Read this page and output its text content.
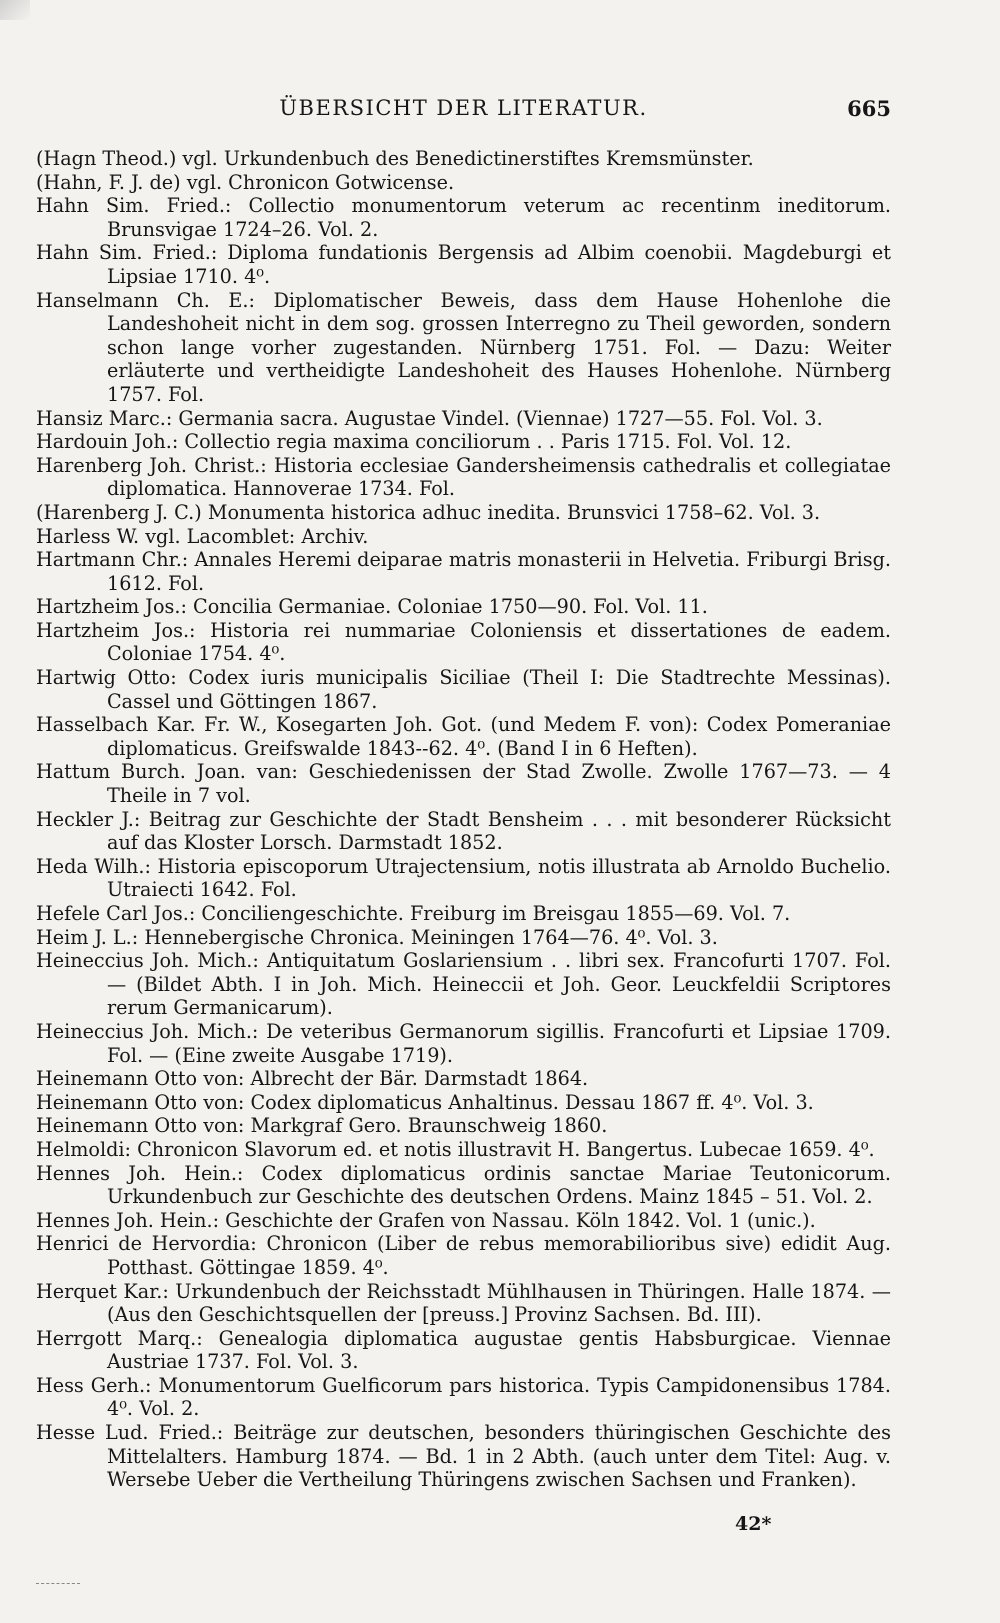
ÜBERSICHT DER LITERATUR.	665
(Hagn Theod.) vgl. Urkundenbuch des Benedictinerstiftes Kremsmünster.
(Hahn, F. J. de) vgl. Chronicon Gotwicense.
Hahn Sim. Fried.: Collectio monumentorum veterum ac recentinm ineditorum. Brunsvigae 1724–26. Vol. 2.
Hahn Sim. Fried.: Diploma fundationis Bergensis ad Albim coenobii. Magdeburgi et Lipsiae 1710. 4⁰.
Hanselmann Ch. E.: Diplomatischer Beweis, dass dem Hause Hohenlohe die Landeshoheit nicht in dem sog. grossen Interregno zu Theil geworden, sondern schon lange vorher zugestanden. Nürnberg 1751. Fol. — Dazu: Weiter erläuterte und vertheidigte Landeshoheit des Hauses Hohenlohe. Nürnberg 1757. Fol.
Hansiz Marc.: Germania sacra. Augustae Vindel. (Viennae) 1727—55. Fol. Vol. 3.
Hardouin Joh.: Collectio regia maxima conciliorum . . Paris 1715. Fol. Vol. 12.
Harenberg Joh. Christ.: Historia ecclesiae Gandersheimensis cathedralis et collegiatae diplomatica. Hannoverae 1734. Fol.
(Harenberg J. C.) Monumenta historica adhuc inedita. Brunsvici 1758–62. Vol. 3.
Harless W. vgl. Lacomblet: Archiv.
Hartmann Chr.: Annales Heremi deiparae matris monasterii in Helvetia. Friburgi Brisg. 1612. Fol.
Hartzheim Jos.: Concilia Germaniae. Coloniae 1750—90. Fol. Vol. 11.
Hartzheim Jos.: Historia rei nummariae Coloniensis et dissertationes de eadem. Coloniae 1754. 4⁰.
Hartwig Otto: Codex iuris municipalis Siciliae (Theil I: Die Stadtrechte Messinas). Cassel und Göttingen 1867.
Hasselbach Kar. Fr. W., Kosegarten Joh. Got. (und Medem F. von): Codex Pomeraniae diplomaticus. Greifswalde 1843--62. 4⁰. (Band I in 6 Heften).
Hattum Burch. Joan. van: Geschiedenissen der Stad Zwolle. Zwolle 1767—73. — 4 Theile in 7 vol.
Heckler J.: Beitrag zur Geschichte der Stadt Bensheim . . . mit besonderer Rücksicht auf das Kloster Lorsch. Darmstadt 1852.
Heda Wilh.: Historia episcoporum Utrajectensium, notis illustrata ab Arnoldo Buchelio. Utraiecti 1642. Fol.
Hefele Carl Jos.: Conciliengeschichte. Freiburg im Breisgau 1855—69. Vol. 7.
Heim J. L.: Hennebergische Chronica. Meiningen 1764—76. 4⁰. Vol. 3.
Heineccius Joh. Mich.: Antiquitatum Goslariensium . . libri sex. Francofurti 1707. Fol. — (Bildet Abth. I in Joh. Mich. Heineccii et Joh. Geor. Leuckfeldii Scriptores rerum Germanicarum).
Heineccius Joh. Mich.: De veteribus Germanorum sigillis. Francofurti et Lipsiae 1709. Fol. — (Eine zweite Ausgabe 1719).
Heinemann Otto von: Albrecht der Bär. Darmstadt 1864.
Heinemann Otto von: Codex diplomaticus Anhaltinus. Dessau 1867 ff. 4⁰. Vol. 3.
Heinemann Otto von: Markgraf Gero. Braunschweig 1860.
Helmoldi: Chronicon Slavorum ed. et notis illustravit H. Bangertus. Lubecae 1659. 4⁰.
Hennes Joh. Hein.: Codex diplomaticus ordinis sanctae Mariae Teutonicorum. Urkundenbuch zur Geschichte des deutschen Ordens. Mainz 1845 – 51. Vol. 2.
Hennes Joh. Hein.: Geschichte der Grafen von Nassau. Köln 1842. Vol. 1 (unic.).
Henrici de Hervordia: Chronicon (Liber de rebus memorabilioribus sive) edidit Aug. Potthast. Göttingae 1859. 4⁰.
Herquet Kar.: Urkundenbuch der Reichsstadt Mühlhausen in Thüringen. Halle 1874. — (Aus den Geschichtsquellen der [preuss.] Provinz Sachsen. Bd. III).
Herrgott Marq.: Genealogia diplomatica augustae gentis Habsburgicae. Viennae Austriae 1737. Fol. Vol. 3.
Hess Gerh.: Monumentorum Guelficorum pars historica. Typis Campidonensibus 1784. 4⁰. Vol. 2.
Hesse Lud. Fried.: Beiträge zur deutschen, besonders thüringischen Geschichte des Mittelalters. Hamburg 1874. — Bd. 1 in 2 Abth. (auch unter dem Titel: Aug. v. Wersebe Ueber die Vertheilung Thüringens zwischen Sachsen und Franken).
42*
